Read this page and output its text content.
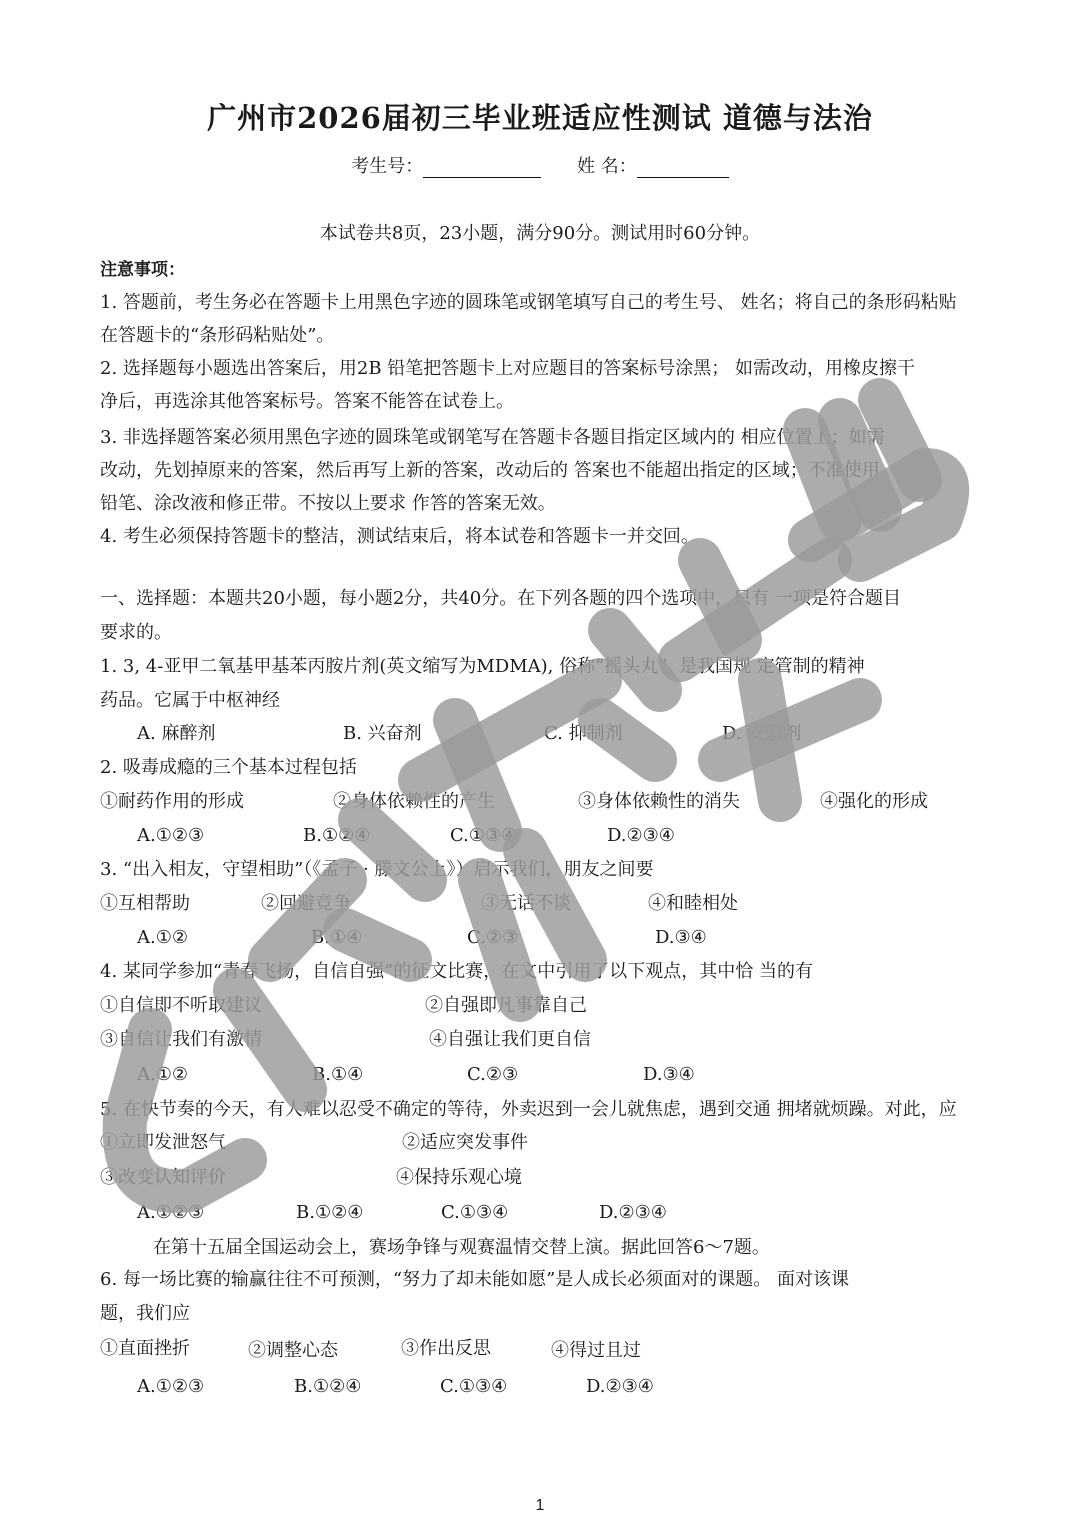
广州市2026届初三毕业班适应性测试 道德与法治
考生号：	姓 名：
本试卷共8页，23小题，满分90分。测试用时60分钟。
注意事项：
1. 答题前，考生务必在答题卡上用黑色字迹的圆珠笔或钢笔填写自己的考生号、 姓名；将自己的条形码粘贴
在答题卡的“条形码粘贴处”。
2. 选择题每小题选出答案后，用2B 铅笔把答题卡上对应题目的答案标号涂黑； 如需改动，用橡皮擦干
净后，再选涂其他答案标号。答案不能答在试卷上。
3. 非选择题答案必须用黑色字迹的圆珠笔或钢笔写在答题卡各题目指定区域内的 相应位置上；如需
改动，先划掉原来的答案，然后再写上新的答案，改动后的 答案也不能超出指定的区域；不准使用
铅笔、涂改液和修正带。不按以上要求 作答的答案无效。
4. 考生必须保持答题卡的整洁，测试结束后，将本试卷和答题卡一并交回。
一、选择题：本题共20小题，每小题2分，共40分。在下列各题的四个选项中，只有 一项是符合题目
要求的。
1. 3, 4-亚甲二氧基甲基苯丙胺片剂(英文缩写为MDMA), 俗称“摇头丸”, 是我国规 定管制的精神
药品。它属于中枢神经
A. 麻醉剂	B. 兴奋剂	C. 抑制剂	D. 安慰剂
2. 吸毒成瘾的三个基本过程包括
①耐药作用的形成	②身体依赖性的产生	③身体依赖性的消失	④强化的形成
A.①②③	B.①②④	C.①③④	D.②③④
3. “出入相友，守望相助”（《孟子 · 滕文公上》）启示我们，朋友之间要
①互相帮助	②回避竞争	③无话不谈	④和睦相处
A.①②	B.①④	C.②③	D.③④
4. 某同学参加“青春飞扬，自信自强”的征文比赛，在文中引用了以下观点，其中恰 当的有
①自信即不听取建议	②自强即凡事靠自己
③自信让我们有激情	④自强让我们更自信
A.①②	B.①④	C.②③	D.③④
5. 在快节奏的今天，有人难以忍受不确定的等待，外卖迟到一会儿就焦虑，遇到交通 拥堵就烦躁。对此，应
①立即发泄怒气	②适应突发事件
③改变认知评价	④保持乐观心境
A.①②③	B.①②④	C.①③④	D.②③④
在第十五届全国运动会上，赛场争锋与观赛温情交替上演。据此回答6～7题。
6. 每一场比赛的输赢往往不可预测，“努力了却未能如愿”是人成长必须面对的课题。 面对该课
题，我们应
①直面挫折	②调整心态	③作出反思	④得过且过
A.①②③	B.①②④	C.①③④	D.②③④
1
